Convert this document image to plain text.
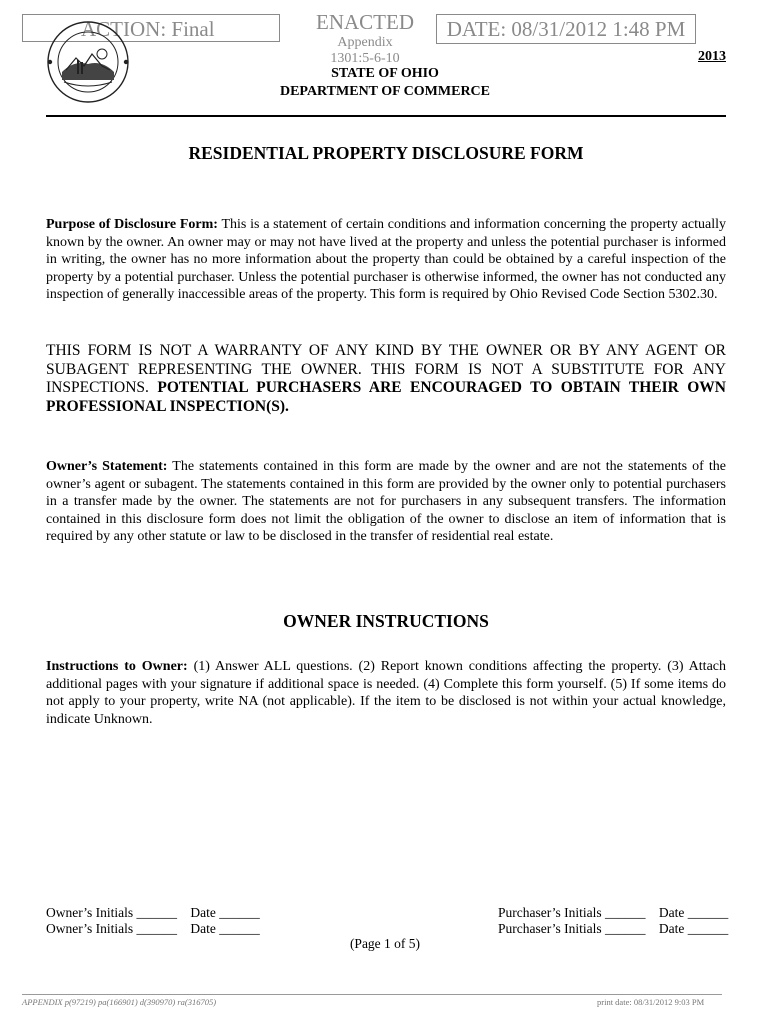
ACTION: Final	ENACTED
Appendix
1301:5-6-10
DATE: 08/31/2012 1:48 PM
2013
STATE OF OHIO
DEPARTMENT OF COMMERCE
RESIDENTIAL PROPERTY DISCLOSURE FORM
Purpose of Disclosure Form: This is a statement of certain conditions and information concerning the property actually known by the owner. An owner may or may not have lived at the property and unless the potential purchaser is informed in writing, the owner has no more information about the property than could be obtained by a careful inspection of the property by a potential purchaser. Unless the potential purchaser is otherwise informed, the owner has not conducted any inspection of generally inaccessible areas of the property. This form is required by Ohio Revised Code Section 5302.30.
THIS FORM IS NOT A WARRANTY OF ANY KIND BY THE OWNER OR BY ANY AGENT OR SUBAGENT REPRESENTING THE OWNER. THIS FORM IS NOT A SUBSTITUTE FOR ANY INSPECTIONS. POTENTIAL PURCHASERS ARE ENCOURAGED TO OBTAIN THEIR OWN PROFESSIONAL INSPECTION(S).
Owner’s Statement: The statements contained in this form are made by the owner and are not the statements of the owner’s agent or subagent. The statements contained in this form are provided by the owner only to potential purchasers in a transfer made by the owner. The statements are not for purchasers in any subsequent transfers. The information contained in this disclosure form does not limit the obligation of the owner to disclose an item of information that is required by any other statute or law to be disclosed in the transfer of residential real estate.
OWNER INSTRUCTIONS
Instructions to Owner: (1) Answer ALL questions. (2) Report known conditions affecting the property. (3) Attach additional pages with your signature if additional space is needed. (4) Complete this form yourself. (5) If some items do not apply to your property, write NA (not applicable). If the item to be disclosed is not within your actual knowledge, indicate Unknown.
Owner’s Initials ______ Date ______
Owner’s Initials ______ Date ______
Purchaser’s Initials ______ Date ______
Purchaser’s Initials ______ Date ______
(Page 1 of 5)
APPENDIX p(97219) pa(166901) d(390970) ra(316705)	print date: 08/31/2012 9:03 PM
